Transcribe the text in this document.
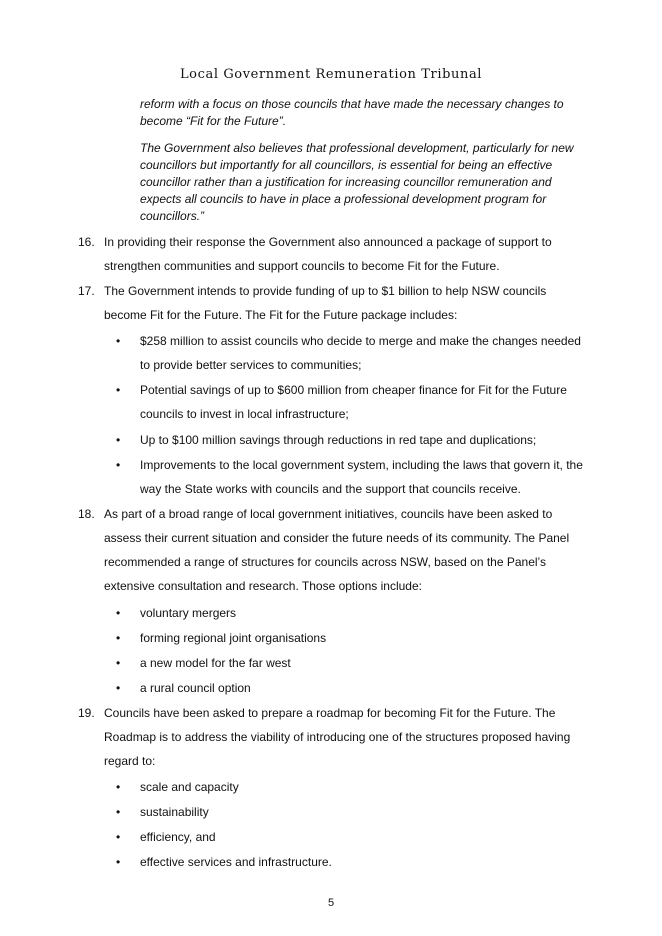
Local Government Remuneration Tribunal

reform with a focus on those councils that have made the necessary changes to become “Fit for the Future”.

The Government also believes that professional development, particularly for new councillors but importantly for all councillors, is essential for being an effective councillor rather than a justification for increasing councillor remuneration and expects all councils to have in place a professional development program for councillors.”

16. In providing their response the Government also announced a package of support to strengthen communities and support councils to become Fit for the Future.
17. The Government intends to provide funding of up to $1 billion to help NSW councils become Fit for the Future. The Fit for the Future package includes:
• $258 million to assist councils who decide to merge and make the changes needed to provide better services to communities;
• Potential savings of up to $600 million from cheaper finance for Fit for the Future councils to invest in local infrastructure;
• Up to $100 million savings through reductions in red tape and duplications;
• Improvements to the local government system, including the laws that govern it, the way the State works with councils and the support that councils receive.
18. As part of a broad range of local government initiatives, councils have been asked to assess their current situation and consider the future needs of its community. The Panel recommended a range of structures for councils across NSW, based on the Panel’s extensive consultation and research. Those options include:
• voluntary mergers
• forming regional joint organisations
• a new model for the far west
• a rural council option
19. Councils have been asked to prepare a roadmap for becoming Fit for the Future. The Roadmap is to address the viability of introducing one of the structures proposed having regard to:
• scale and capacity
• sustainability
• efficiency, and
• effective services and infrastructure.
5
